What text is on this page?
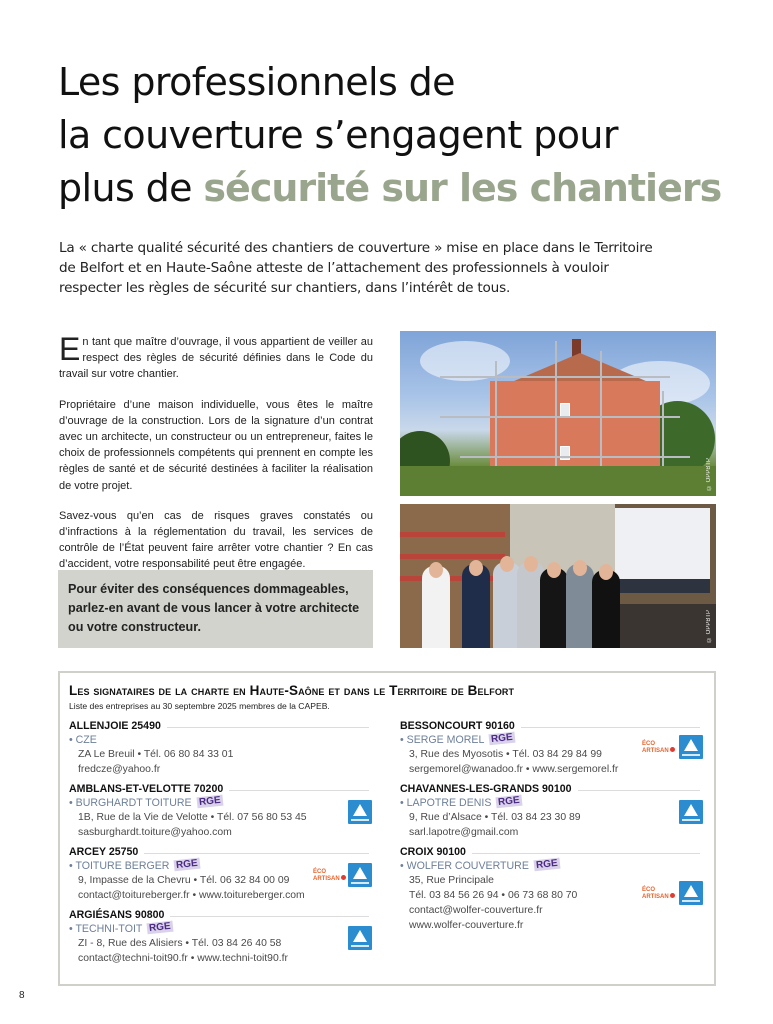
Les professionnels de
la couverture s’engagent pour
plus de sécurité sur les chantiers

La « charte qualité sécurité des chantiers de couverture » mise en place dans le Territoire de Belfort et en Haute-Saône atteste de l’attachement des professionnels à vouloir respecter les règles de sécurité sur chantiers, dans l’intérêt de tous.

En tant que maître d’ouvrage, il vous appartient de veiller au respect des règles de sécurité définies dans le Code du travail sur votre chantier.

Propriétaire d’une maison individuelle, vous êtes le maître d’ouvrage de la construction. Lors de la signature d’un contrat avec un architecte, un constructeur ou un entrepreneur, faites le choix de professionnels compétents qui prennent en compte les règles de santé et de sécurité destinées à faciliter la réalisation de votre projet.

Savez-vous qu’en cas de risques graves constatés ou d’infractions à la réglementation du travail, les services de contrôle de l’État peuvent faire arrêter votre chantier ? En cas d’accident, votre responsabilité peut être engagée.

Pour éviter des conséquences dommageables, parlez-en avant de vous lancer à votre architecte ou votre constructeur.
© OPPBTP
© OPPBTP
Les signataires de la charte en Haute-Saône et dans le Territoire de Belfort
Liste des entreprises au 30 septembre 2025 membres de la CAPEB.
ALLENJOIE 25490
• CZE
ZA Le Breuil • Tél. 06 80 84 33 01
fredcze@yahoo.fr
AMBLANS-ET-VELOTTE 70200
• BURGHARDT TOITURE RGE
1B, Rue de la Vie de Velotte • Tél. 07 56 80 53 45
sasburghardt.toiture@yahoo.com
ARCEY 25750
• TOITURE BERGER RGE
9, Impasse de la Chevru • Tél. 06 32 84 00 09
contact@toitureberger.fr • www.toitureberger.com
ÉCO
ARTISAN
ARGIÉSANS 90800
• TECHNI-TOIT RGE
ZI - 8, Rue des Alisiers • Tél. 03 84 26 40 58
contact@techni-toit90.fr • www.techni-toit90.fr
BESSONCOURT 90160
• SERGE MOREL RGE
3, Rue des Myosotis • Tél. 03 84 29 84 99
sergemorel@wanadoo.fr • www.sergemorel.fr
ÉCO
ARTISAN
CHAVANNES-LES-GRANDS 90100
• LAPOTRE DENIS RGE
9, Rue d’Alsace • Tél. 03 84 23 30 89
sarl.lapotre@gmail.com
CROIX 90100
• WOLFER COUVERTURE RGE
35, Rue Principale
Tél. 03 84 56 26 94 • 06 73 68 80 70
contact@wolfer-couverture.fr
www.wolfer-couverture.fr
ÉCO
ARTISAN
8
